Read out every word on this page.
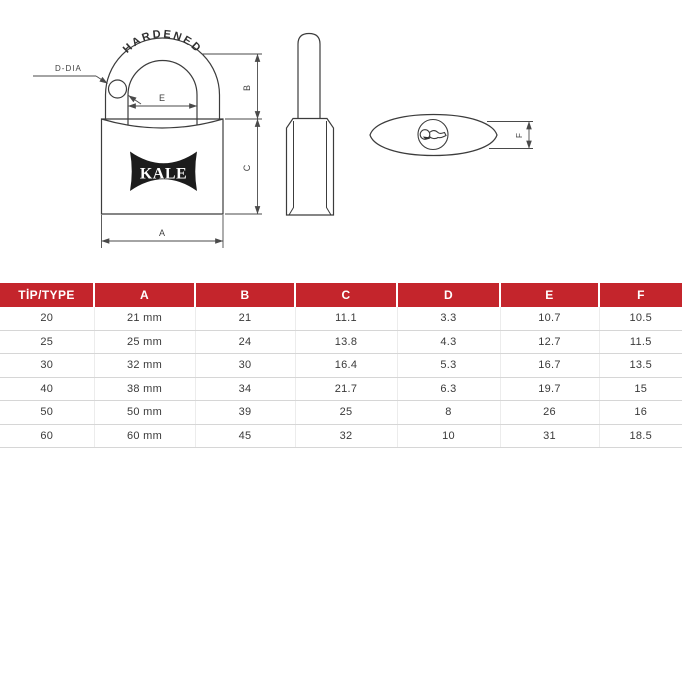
HARDENED
KALE
D-DIA
E
B
C
A
F
TİP/TYPE	A	B	C	D	E	F
20	21 mm	21	11.1	3.3	10.7	10.5
25	25 mm	24	13.8	4.3	12.7	11.5
30	32 mm	30	16.4	5.3	16.7	13.5
40	38 mm	34	21.7	6.3	19.7	15
50	50 mm	39	25	8	26	16
60	60 mm	45	32	10	31	18.5
